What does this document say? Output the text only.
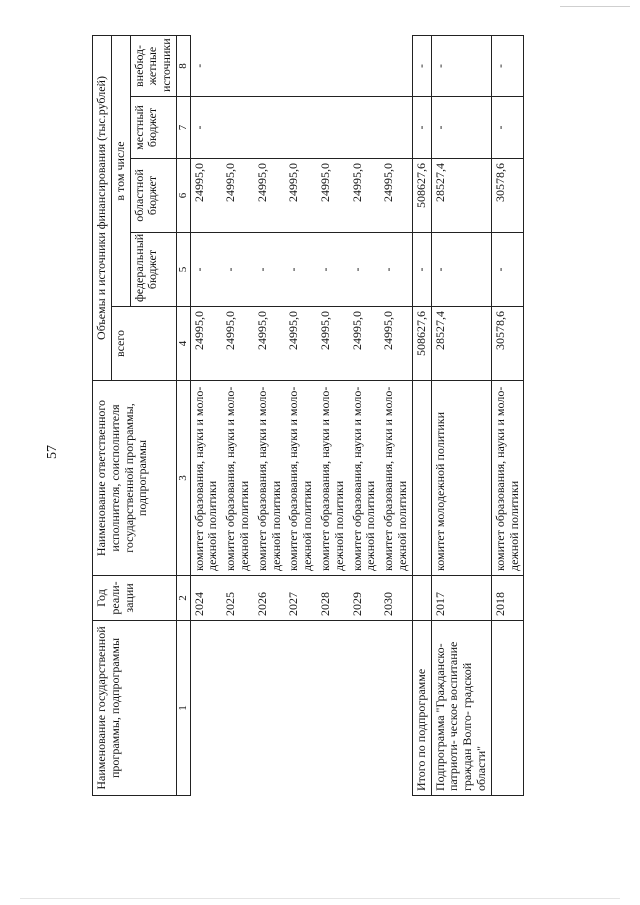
57
Наименование государственной программы, подпрограммы	Год реали- зации	Наименование ответственного исполнителя, соисполнителя государственной программы, подпрограммы	Объемы и источники финансирования (тыс.рублей)				
			всего	в том числе			
				федеральный бюджет	областной бюджет	местный бюджет	внебюд- жетные источники
1	2	3	4	5	6	7	8
	2024	комитет образования, науки и моло- дежной политики	24995,0	-	24995,0	-	-
	2025	комитет образования, науки и моло- дежной политики	24995,0	-	24995,0		
	2026	комитет образования, науки и моло- дежной политики	24995,0	-	24995,0		
	2027	комитет образования, науки и моло- дежной политики	24995,0	-	24995,0		
	2028	комитет образования, науки и моло- дежной политики	24995,0	-	24995,0		
	2029	комитет образования, науки и моло- дежной политики	24995,0	-	24995,0		
	2030	комитет образования, науки и моло- дежной политики	24995,0	-	24995,0		
Итого по подпрограмме			508627,6	-	508627,6	-	-
Подпрограмма "Гражданско-патриоти- ческое воспитание граждан Волго- градской области"	2017	комитет молодежной политики	28527,4	-	28527,4	-	-
	2018	комитет образования, науки и моло- дежной политики	30578,6	-	30578,6	-	-
